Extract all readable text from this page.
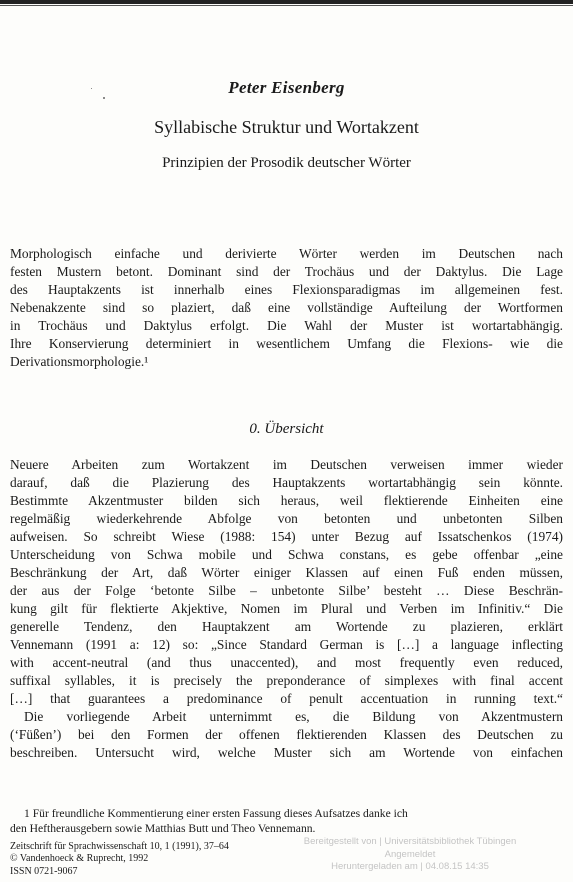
Peter Eisenberg
Syllabische Struktur und Wortakzent
Prinzipien der Prosodik deutscher Wörter
Morphologisch einfache und derivierte Wörter werden im Deutschen nach
festen Mustern betont. Dominant sind der Trochäus und der Daktylus. Die Lage
des Hauptakzents ist innerhalb eines Flexionsparadigmas im allgemeinen fest.
Nebenakzente sind so plaziert, daß eine vollständige Aufteilung der Wortformen
in Trochäus und Daktylus erfolgt. Die Wahl der Muster ist wortartabhängig.
Ihre Konservierung determiniert in wesentlichem Umfang die Flexions- wie die
Derivationsmorphologie.¹
0. Übersicht
Neuere Arbeiten zum Wortakzent im Deutschen verweisen immer wieder
darauf, daß die Plazierung des Hauptakzents wortartabhängig sein könnte.
Bestimmte Akzentmuster bilden sich heraus, weil flektierende Einheiten eine
regelmäßig wiederkehrende Abfolge von betonten und unbetonten Silben
aufweisen. So schreibt Wiese (1988: 154) unter Bezug auf Issatschenkos (1974)
Unterscheidung von Schwa mobile und Schwa constans, es gebe offenbar „eine
Beschränkung der Art, daß Wörter einiger Klassen auf einen Fuß enden müssen,
der aus der Folge ‘betonte Silbe – unbetonte Silbe’ besteht … Diese Beschrän-
kung gilt für flektierte Akjektive, Nomen im Plural und Verben im Infinitiv.“ Die
generelle Tendenz, den Hauptakzent am Wortende zu plazieren, erklärt
Vennemann (1991 a: 12) so: „Since Standard German is […] a language inflecting
with accent-neutral (and thus unaccented), and most frequently even reduced,
suffixal syllables, it is precisely the preponderance of simplexes with final accent
[…] that guarantees a predominance of penult accentuation in running text.“
Die vorliegende Arbeit unternimmt es, die Bildung von Akzentmustern
(‘Füßen’) bei den Formen der offenen flektierenden Klassen des Deutschen zu
beschreiben. Untersucht wird, welche Muster sich am Wortende von einfachen
1 Für freundliche Kommentierung einer ersten Fassung dieses Aufsatzes danke ich
den Heftherausgebern sowie Matthias Butt und Theo Vennemann.
Zeitschrift für Sprachwissenschaft 10, 1 (1991), 37–64
© Vandenhoeck & Ruprecht, 1992
ISSN 0721-9067
Bereitgestellt von | Universitätsbibliothek Tübingen
Angemeldet
Heruntergeladen am | 04.08.15 14:35
